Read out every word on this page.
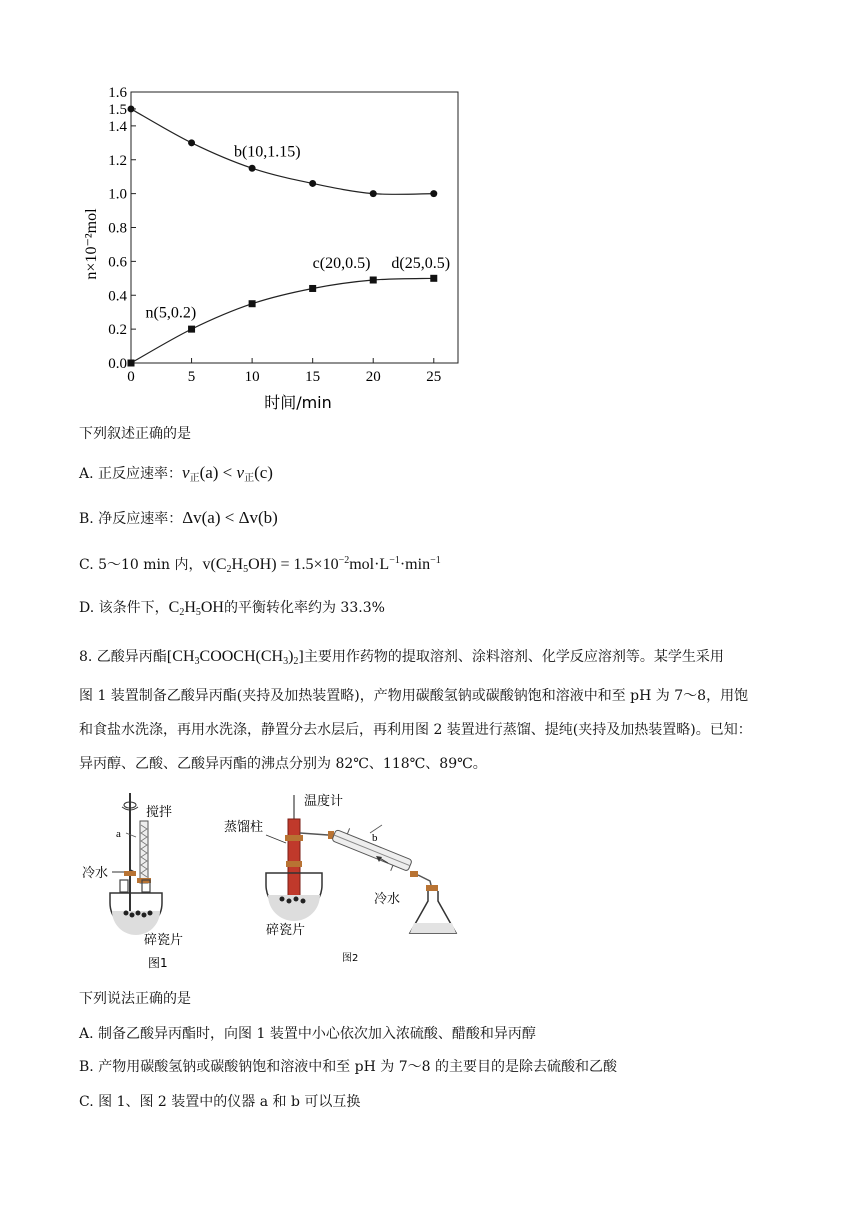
0.0
0.2
0.4
0.6
0.8
1.0
1.2
1.4
1.5
1.6
0	5	10	15	20	25
b(10,1.15)
n(5,0.2)
c(20,0.5) d(25,0.5)
n×10⁻²mol
时间/min
下列叙述正确的是
A. 正反应速率：$v_正(a) < v_正(c)$
B. 净反应速率：Δv(a) < Δv(b)
C. 5～10 min 内，$v(C_2H_5OH) = 1.5\times 10^{-2}mol\cdot L^{-1}\cdot\min^{-1}$
D. 该条件下，$C_2H_5OH$的平衡转化率约为 33.3%
8. 乙酸异丙酯$[CH_3COOCH(CH_3)_2]$主要用作药物的提取溶剂、涂料溶剂、化学反应溶剂等。某学生采用
图 1 装置制备乙酸异丙酯(夹持及加热装置略)，产物用碳酸氢钠或碳酸钠饱和溶液中和至 pH 为 7～8，用饱
和食盐水洗涤，再用水洗涤，静置分去水层后，再利用图 2 装置进行蒸馏、提纯(夹持及加热装置略)。已知：
异丙醇、乙酸、乙酸异丙酯的沸点分别为 82℃、118℃、89℃。
搅拌
a
冷水
碎瓷片
图1
温度计
蒸馏柱
碎瓷片
b
冷水
图2
下列说法正确的是
A. 制备乙酸异丙酯时，向图 1 装置中小心依次加入浓硫酸、醋酸和异丙醇
B. 产物用碳酸氢钠或碳酸钠饱和溶液中和至 pH 为 7～8 的主要目的是除去硫酸和乙酸
C. 图 1、图 2 装置中的仪器 a 和 b 可以互换
